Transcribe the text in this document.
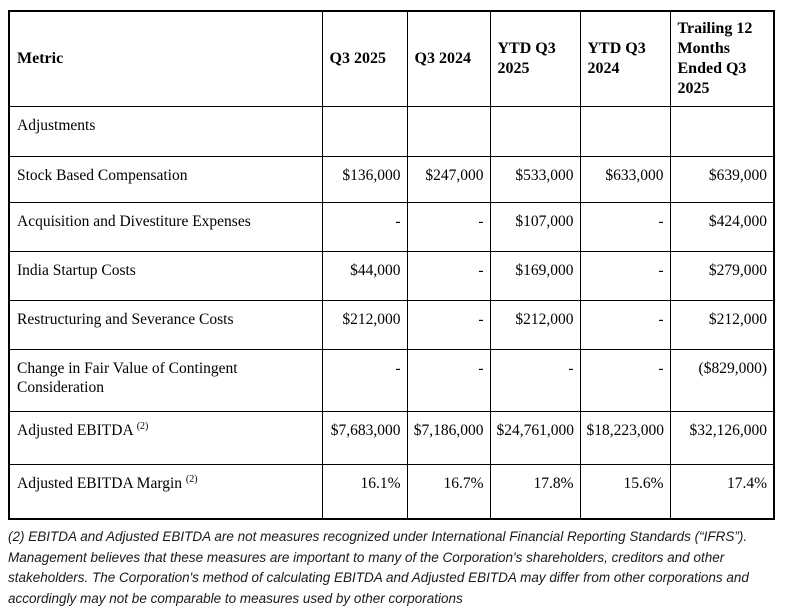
Metric	Q3 2025	Q3 2024	YTD Q3 2025	YTD Q3 2024	Trailing 12 Months Ended Q3 2025
Adjustments					
Stock Based Compensation	$136,000	$247,000	$533,000	$633,000	$639,000
Acquisition and Divestiture Expenses	-	-	$107,000	-	$424,000
India Startup Costs	$44,000	-	$169,000	-	$279,000
Restructuring and Severance Costs	$212,000	-	$212,000	-	$212,000
Change in Fair Value of Contingent Consideration	-	-	-	-	($829,000)
Adjusted EBITDA $^{(2)}$	$7,683,000	$7,186,000	$24,761,000	$18,223,000	$32,126,000
Adjusted EBITDA Margin $^{(2)}$	16.1%	16.7%	17.8%	15.6%	17.4%

(2) EBITDA and Adjusted EBITDA are not measures recognized under International Financial Reporting Standards (“IFRS”). Management believes that these measures are important to many of the Corporation's shareholders, creditors and other stakeholders. The Corporation's method of calculating EBITDA and Adjusted EBITDA may differ from other corporations and accordingly may not be comparable to measures used by other corporations
